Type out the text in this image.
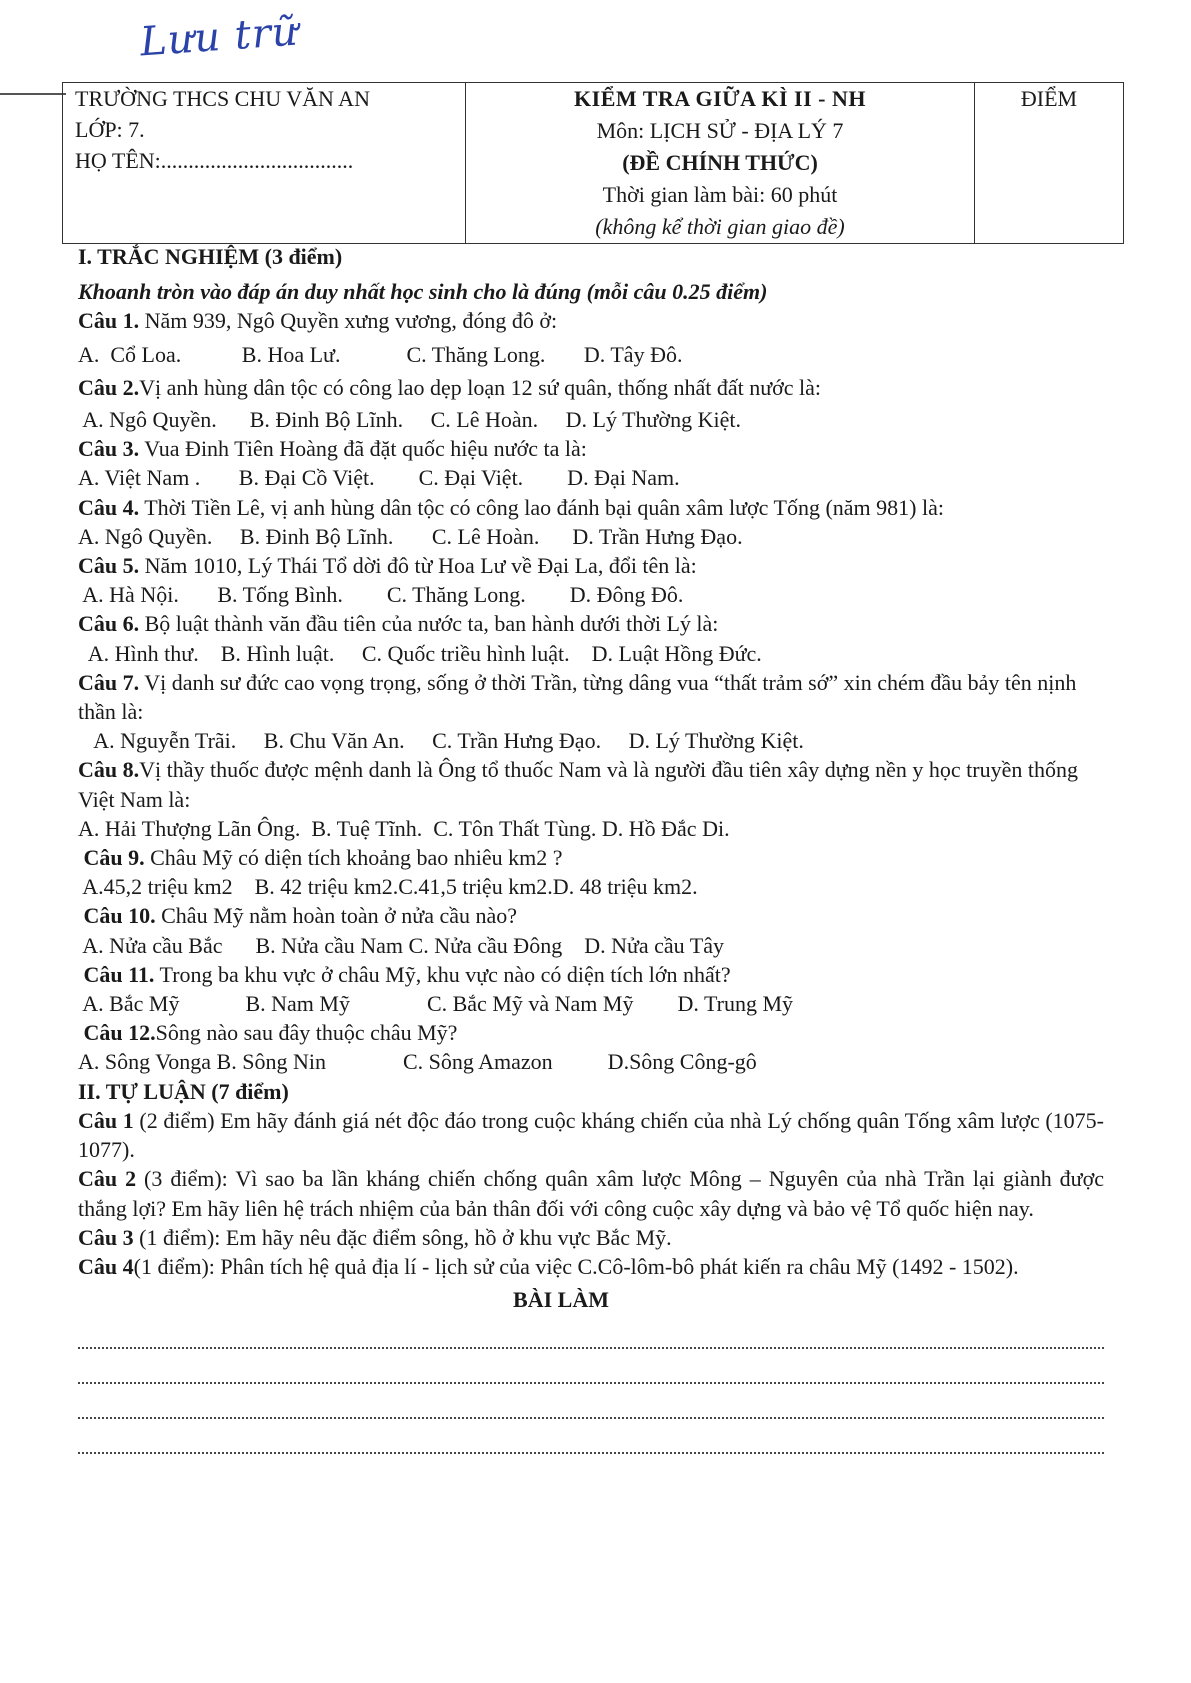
Lưu trữ
TRƯỜNG THCS CHU VĂN AN
LỚP: 7.
HỌ TÊN:...................................

KIỂM TRA GIỮA KÌ II - NH
Môn: LỊCH SỬ - ĐỊA LÝ 7
(ĐỀ CHÍNH THỨC)
Thời gian làm bài: 60 phút
(không kể thời gian giao đề)

ĐIỂM

I. TRẮC NGHIỆM (3 điểm)

Khoanh tròn vào đáp án duy nhất học sinh cho là đúng (mỗi câu 0.25 điểm)

Câu 1. Năm 939, Ngô Quyền xưng vương, đóng đô ở:

A.  Cổ Loa.           B. Hoa Lư.            C. Thăng Long.       D. Tây Đô.

Câu 2.Vị anh hùng dân tộc có công lao dẹp loạn 12 sứ quân, thống nhất đất nước là:

A. Ngô Quyền.      B. Đinh Bộ Lĩnh.     C. Lê Hoàn.     D. Lý Thường Kiệt.

Câu 3. Vua Đinh Tiên Hoàng đã đặt quốc hiệu nước ta là:

A. Việt Nam .       B. Đại Cồ Việt.        C. Đại Việt.        D. Đại Nam.

Câu 4. Thời Tiền Lê, vị anh hùng dân tộc có công lao đánh bại quân xâm lược Tống (năm 981) là:

A. Ngô Quyền.     B. Đinh Bộ Lĩnh.       C. Lê Hoàn.      D. Trần Hưng Đạo.

Câu 5. Năm 1010, Lý Thái Tổ dời đô từ Hoa Lư về Đại La, đổi tên là:

A. Hà Nội.       B. Tống Bình.        C. Thăng Long.        D. Đông Đô.

Câu 6. Bộ luật thành văn đầu tiên của nước ta, ban hành dưới thời Lý là:

A. Hình thư.    B. Hình luật.     C. Quốc triều hình luật.    D. Luật Hồng Đức.

Câu 7. Vị danh sư đức cao vọng trọng, sống ở thời Trần, từng dâng vua “thất trảm sớ” xin chém đầu bảy tên nịnh thần là:

A. Nguyễn Trãi.     B. Chu Văn An.     C. Trần Hưng Đạo.     D. Lý Thường Kiệt.

Câu 8.Vị thầy thuốc được mệnh danh là Ông tổ thuốc Nam và là người đầu tiên xây dựng nền y học truyền thống Việt Nam là:

A. Hải Thượng Lãn Ông.  B. Tuệ Tĩnh.  C. Tôn Thất Tùng. D. Hồ Đắc Di.

Câu 9. Châu Mỹ có diện tích khoảng bao nhiêu km2 ?

A.45,2 triệu km2    B. 42 triệu km2.C.41,5 triệu km2.D. 48 triệu km2.

Câu 10. Châu Mỹ nằm hoàn toàn ở nửa cầu nào?

A. Nửa cầu Bắc      B. Nửa cầu Nam C. Nửa cầu Đông    D. Nửa cầu Tây

Câu 11. Trong ba khu vực ở châu Mỹ, khu vực nào có diện tích lớn nhất?

A. Bắc Mỹ            B. Nam Mỹ              C. Bắc Mỹ và Nam Mỹ        D. Trung Mỹ

Câu 12.Sông nào sau đây thuộc châu Mỹ?

A. Sông Vonga B. Sông Nin              C. Sông Amazon          D.Sông Công-gô

II. TỰ LUẬN (7 điểm)

Câu 1 (2 điểm) Em hãy đánh giá nét độc đáo trong cuộc kháng chiến của nhà Lý chống quân Tống xâm lược (1075-1077).

Câu 2 (3 điểm): Vì sao ba lần kháng chiến chống quân xâm lược Mông – Nguyên của nhà Trần lại giành được thắng lợi? Em hãy liên hệ trách nhiệm của bản thân đối với công cuộc xây dựng và bảo vệ Tổ quốc hiện nay.

Câu 3 (1 điểm): Em hãy nêu đặc điểm sông, hồ ở khu vực Bắc Mỹ.

Câu 4(1 điểm): Phân tích hệ quả địa lí - lịch sử của việc C.Cô-lôm-bô phát kiến ra châu Mỹ (1492 - 1502).

BÀI LÀM
